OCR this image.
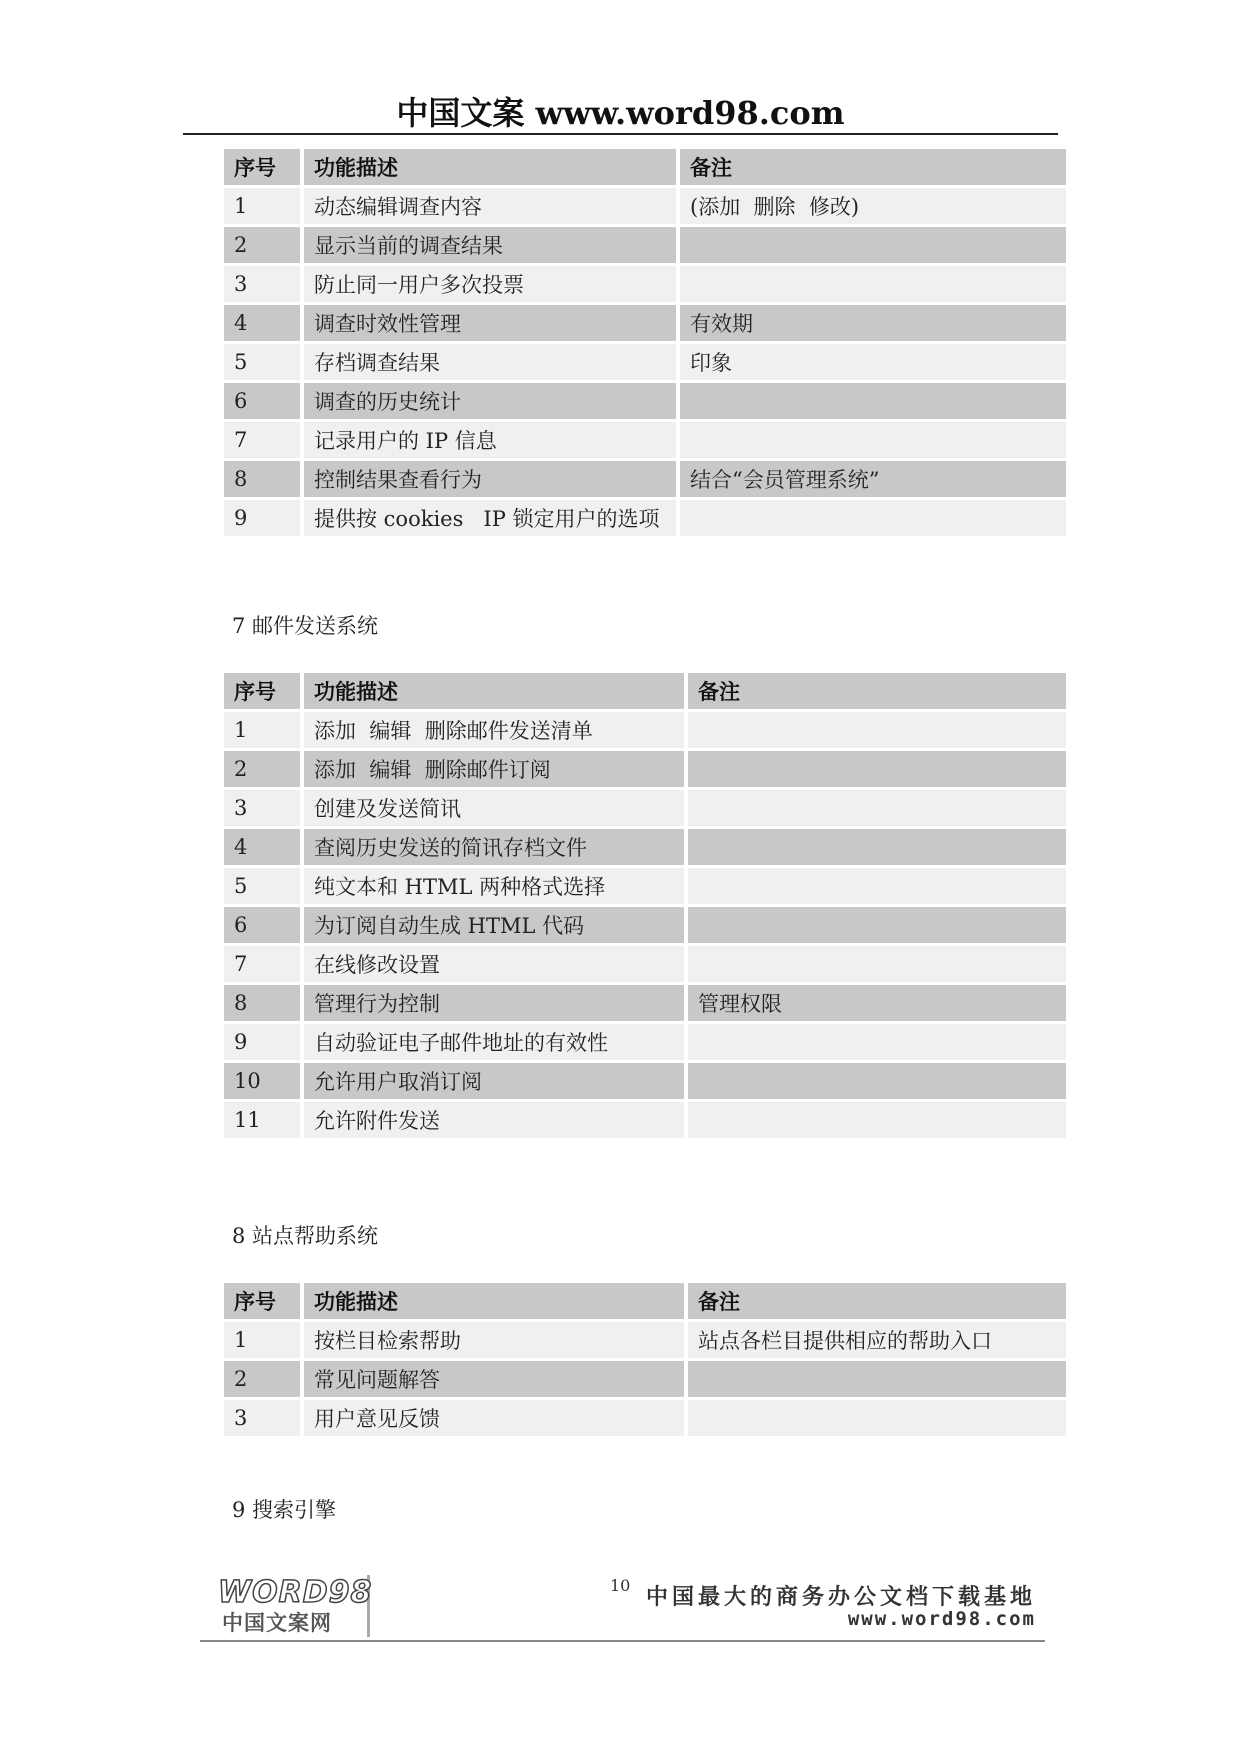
中国文案 www.word98.com
序号	功能描述	备注
1	动态编辑调查内容	(添加  删除  修改)
2	显示当前的调查结果	
3	防止同一用户多次投票	
4	调查时效性管理	有效期
5	存档调查结果	印象
6	调查的历史统计	
7	记录用户的 IP 信息	
8	控制结果查看行为	结合“会员管理系统”
9	提供按 cookies   IP 锁定用户的选项	
7 邮件发送系统
序号	功能描述	备注
1	添加  编辑  删除邮件发送清单	
2	添加  编辑  删除邮件订阅	
3	创建及发送简讯	
4	查阅历史发送的简讯存档文件	
5	纯文本和 HTML 两种格式选择	
6	为订阅自动生成 HTML 代码	
7	在线修改设置	
8	管理行为控制	管理权限
9	自动验证电子邮件地址的有效性	
10	允许用户取消订阅	
11	允许附件发送	
8 站点帮助系统
序号	功能描述	备注
1	按栏目检索帮助	站点各栏目提供相应的帮助入口
2	常见问题解答	
3	用户意见反馈	
9 搜索引擎
WORD98
中国文案网
10 中国最大的商务办公文档下载基地
www.word98.com
